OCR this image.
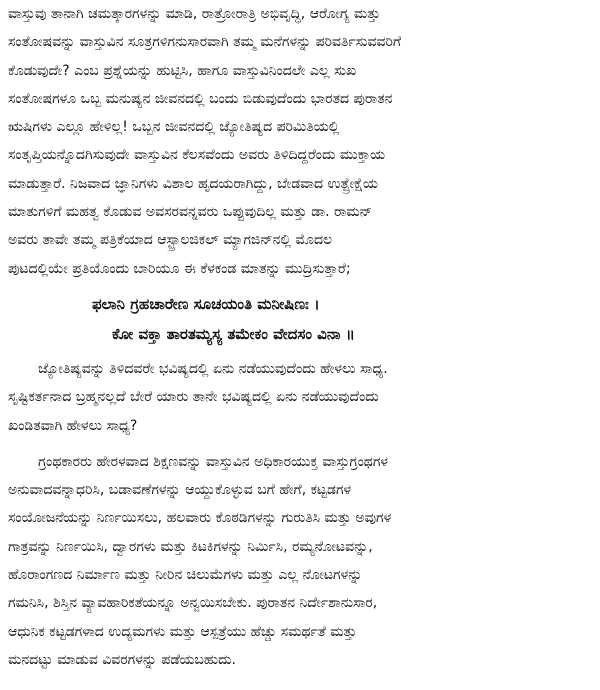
ವಾಸ್ತುವು ತಾನಾಗಿ ಚಮತ್ಕಾರಗಳನ್ನು ಮಾಡಿ, ರಾತ್ರೋರಾತ್ರಿ ಅಭಿವೃದ್ಧಿ, ಆರೋಗ್ಯ ಮತ್ತು
ಸಂತೋಷವನ್ನು ವಾಸ್ತುವಿನ ಸೂತ್ರಗಳಿಗನುಸಾರವಾಗಿ ತಮ್ಮ ಮನೆಗಳನ್ನು ಪರಿವರ್ತಿಸುವವರಿಗೆ
ಕೊಡುವುದೇ? ಎಂಬ ಪ್ರಶ್ನೆಯನ್ನು ಹುಟ್ಟಿಸಿ, ಹಾಗೂ ವಾಸ್ತುವಿನಿಂದಲೇ ಎಲ್ಲ ಸುಖ
ಸಂತೋಷಗಳೂ ಒಬ್ಬ ಮನುಷ್ಯನ ಜೀವನದಲ್ಲಿ ಬಂದು ಬಿಡುವುದೆಂದು ಭಾರತದ ಪುರಾತನ
ಋಷಿಗಳು ಎಲ್ಲೂ ಹೇಳಿಲ್ಲ! ಒಬ್ಬನ ಜೀವನದಲ್ಲಿ ಜ್ಯೋತಿಷ್ಯದ ಪರಿಮಿತಿಯಲ್ಲಿ
ಸಂತೃಪ್ತಿಯನ್ನೊದಗಿಸುವುದೇ ವಾಸ್ತುವಿನ ಕೆಲಸವೆಂದು ಅವರು ತಿಳಿದಿದ್ದರೆಂದು ಮುಕ್ತಾಯ
ಮಾಡುತ್ತಾರೆ. ನಿಜವಾದ ಜ್ಞಾನಿಗಳು ವಿಶಾಲ ಹೃದಯರಾಗಿದ್ದು, ಬೇಡವಾದ ಉತ್ಪ್ರೇಕ್ಷೆಯ
ಮಾತುಗಳಿಗೆ ಮಹತ್ವ ಕೊಡುವ ಅವಸರವನ್ನವರು ಒಪ್ಪುವುದಿಲ್ಲ ಮತ್ತು ಡಾ. ರಾಮನ್
ಅವರು ತಾವೇ ತಮ್ಮ ಪತ್ರಿಕೆಯಾದ ಆಸ್ಟ್ರಾಲಜಿಕಲ್ ಮ್ಯಾಗಜಿನ್‌ನಲ್ಲಿ ಮೊದಲ
ಪುಟದಲ್ಲಿಯೇ ಪ್ರತಿಯೊಂದು ಬಾರಿಯೂ ಈ ಕೆಳಕಂಡ ಮಾತನ್ನು ಮುದ್ರಿಸುತ್ತಾರೆ;
ಫಲಾನಿ ಗ್ರಹಚಾರೇಣ ಸೂಚಯಂತಿ ಮನೀಷಿಣಃ ।
ಕೋ ವಕ್ತಾ ತಾರತಮ್ಯಸ್ಯ ತಮೇಕಂ ವೇದಸಂ ವಿನಾ ॥
ಜ್ಯೋತಿಷ್ಯವನ್ನು ತಿಳಿದವರೇ ಭವಿಷ್ಯದಲ್ಲಿ ಏನು ನಡೆಯುವುದೆಂದು ಹೇಳಲು ಸಾಧ್ಯ.
ಸೃಷ್ಟಿಕರ್ತನಾದ ಬ್ರಹ್ಮನಲ್ಲದೆ ಬೇರೆ ಯಾರು ತಾನೇ ಭವಿಷ್ಯದಲ್ಲಿ ಏನು ನಡೆಯುವುದೆಂದು
ಖಂಡಿತವಾಗಿ ಹೇಳಲು ಸಾಧ್ಯ?
ಗ್ರಂಥಕಾರರು ಹೇರಳವಾದ ಶಿಕ್ಷಣವನ್ನು ವಾಸ್ತುವಿನ ಅಧಿಕಾರಯುಕ್ತ ವಾಸ್ತುಗ್ರಂಥಗಳ
ಅನುವಾದವನ್ನಾಧರಿಸಿ, ಬಡಾವಣೆಗಳನ್ನು ಆಯ್ದುಕೊಳ್ಳುವ ಬಗೆ ಹೇಗೆ, ಕಟ್ಟಡಗಳ
ಸಂಯೋಜನೆಯನ್ನು ನಿರ್ಣಯಿಸಲು, ಹಲವಾರು ಕೊಠಡಿಗಳನ್ನು ಗುರುತಿಸಿ ಮತ್ತು ಅವುಗಳ
ಗಾತ್ರವನ್ನು ನಿರ್ಣಯಿಸಿ, ದ್ವಾರಗಳು ಮತ್ತು ಕಿಟಕಿಗಳನ್ನು ನಿರ್ಮಿಸಿ, ರಮ್ಯನೋಟವನ್ನು,
ಹೊರಾಂಗಣದ ನಿರ್ಮಾಣ ಮತ್ತು ನೀರಿನ ಚಿಲುಮೆಗಳು ಮತ್ತು ಎಲ್ಲ ನೋಟಗಳನ್ನು
ಗಮನಿಸಿ, ಶಿಸ್ತಿನ ವ್ಯಾವಹಾರಿಕತೆಯನ್ನೂ ಅನ್ವಯಿಸಬೇಕು. ಪುರಾತನ ನಿರ್ದೇಶಾನುಸಾರ,
ಆಧುನಿಕ ಕಟ್ಟಡಗಳಾದ ಉದ್ಯಮಗಳು ಮತ್ತು ಆಸ್ಪತ್ರೆಯು ಹೆಚ್ಚು ಸಮರ್ಥತೆ ಮತ್ತು
ಮನದಟ್ಟು ಮಾಡುವ ವಿವರಗಳನ್ನು ಪಡೆಯಬಹುದು.
